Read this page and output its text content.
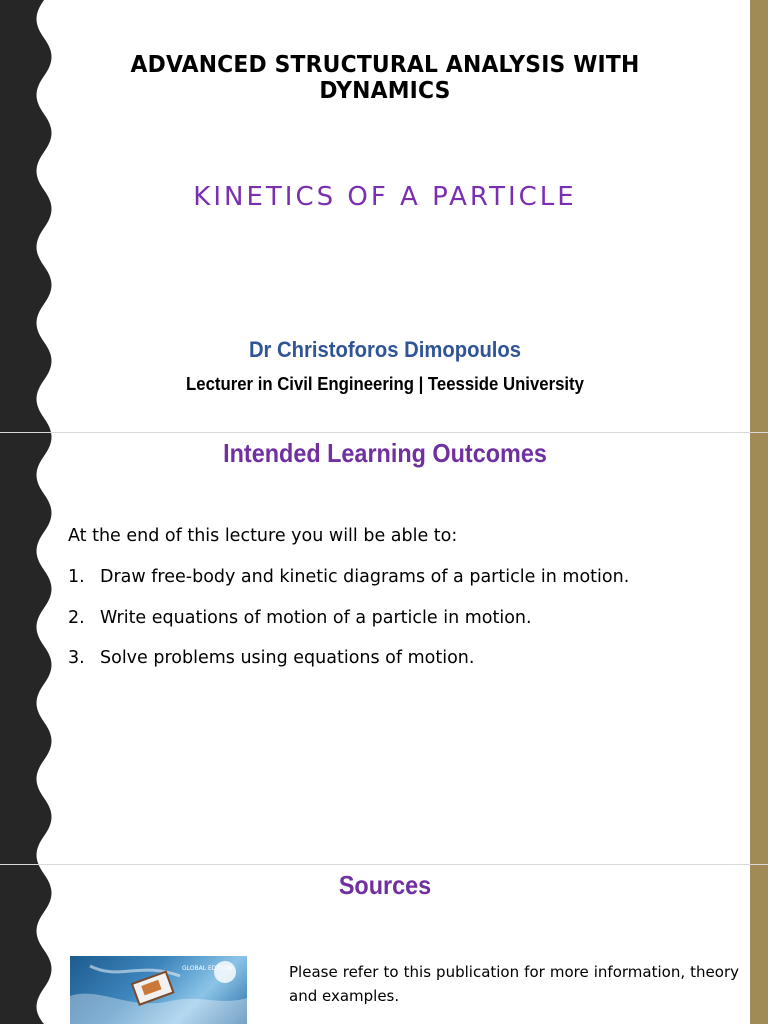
ADVANCED STRUCTURAL ANALYSIS WITH DYNAMICS
KINETICS OF A PARTICLE
Dr Christoforos Dimopoulos
Lecturer in Civil Engineering | Teesside University
Intended Learning Outcomes
At the end of this lecture you will be able to:
1. Draw free-body and kinetic diagrams of a particle in motion.
2. Write equations of motion of a particle in motion.
3. Solve problems using equations of motion.
Sources
GLOBAL EDITION	Please refer to this publication for more information, theory and examples.
